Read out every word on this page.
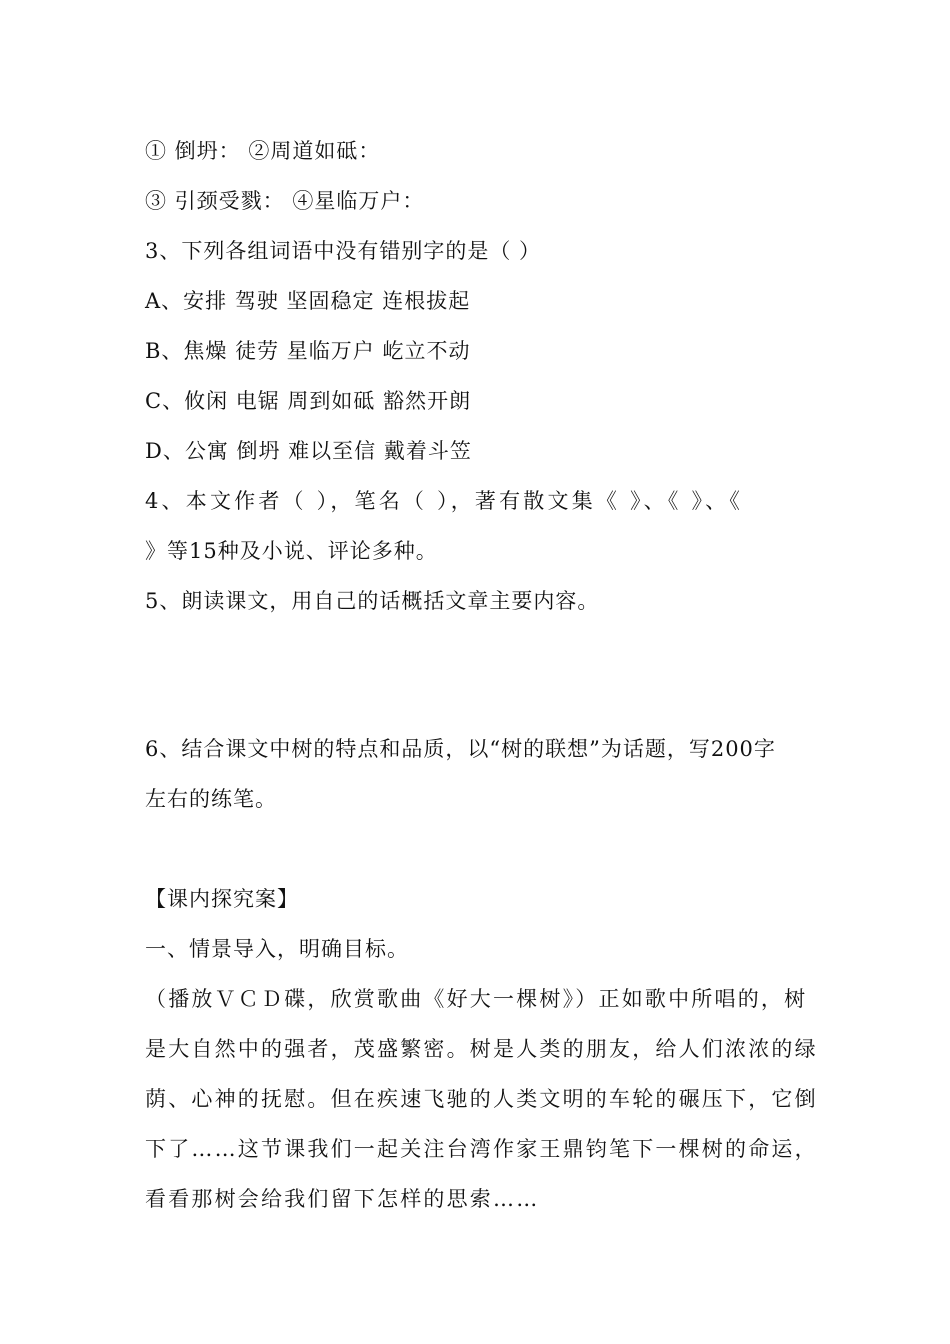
① 倒坍： ②周道如砥：
③ 引颈受戮： ④星临万户：
3、下列各组词语中没有错别字的是（ ）
A、安排 驾驶 坚固稳定 连根拔起
B、焦燥 徒劳 星临万户 屹立不动
C、攸闲 电锯 周到如砥 豁然开朗
D、公寓 倒坍 难以至信 戴着斗笠
4、本文作者（ ），笔名（ ），著有散文集《 》、《 》、《
》等15种及小说、评论多种。
5、朗读课文，用自己的话概括文章主要内容。
6、结合课文中树的特点和品质，以“树的联想”为话题，写200字
左右的练笔。
【课内探究案】
一、情景导入，明确目标。
（播放ＶＣＤ碟，欣赏歌曲《好大一棵树》）正如歌中所唱的，树
是大自然中的强者，茂盛繁密。树是人类的朋友，给人们浓浓的绿
荫、心神的抚慰。但在疾速飞驰的人类文明的车轮的碾压下，它倒
下了……这节课我们一起关注台湾作家王鼎钧笔下一棵树的命运，
看看那树会给我们留下怎样的思索……
